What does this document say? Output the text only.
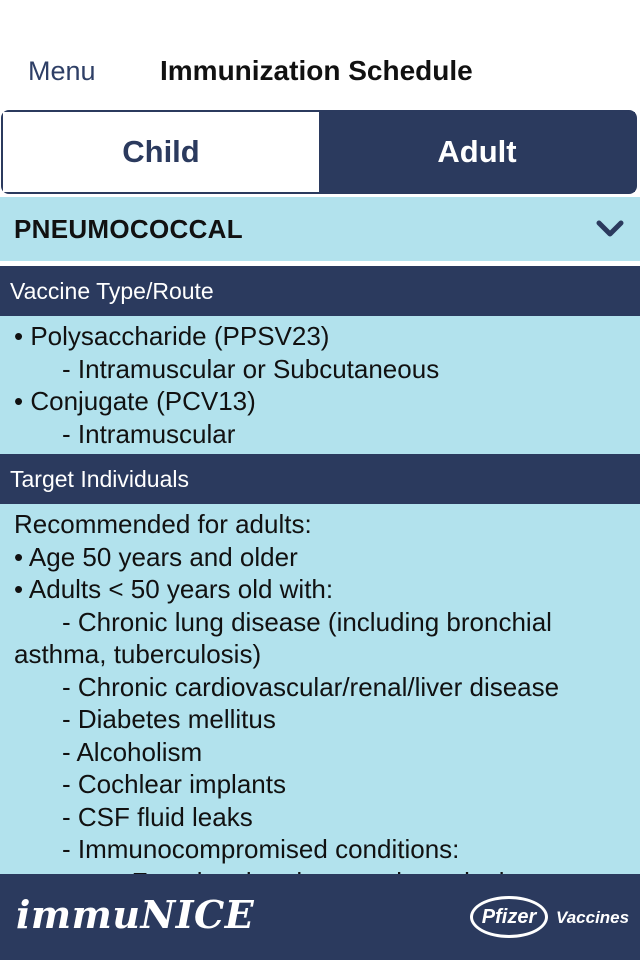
Menu Immunization Schedule
Child	Adult
PNEUMOCOCCAL
Vaccine Type/Route
• Polysaccharide (PPSV23)
- Intramuscular or Subcutaneous
• Conjugate (PCV13)
- Intramuscular
Target Individuals
Recommended for adults:
• Age 50 years and older
• Adults < 50 years old with:
- Chronic lung disease (including bronchial asthma, tuberculosis)
- Chronic cardiovascular/renal/liver disease
- Diabetes mellitus
- Alcoholism
- Cochlear implants
- CSF fluid leaks
- Immunocompromised conditions:
immuNICE	Pfizer	Vaccines
